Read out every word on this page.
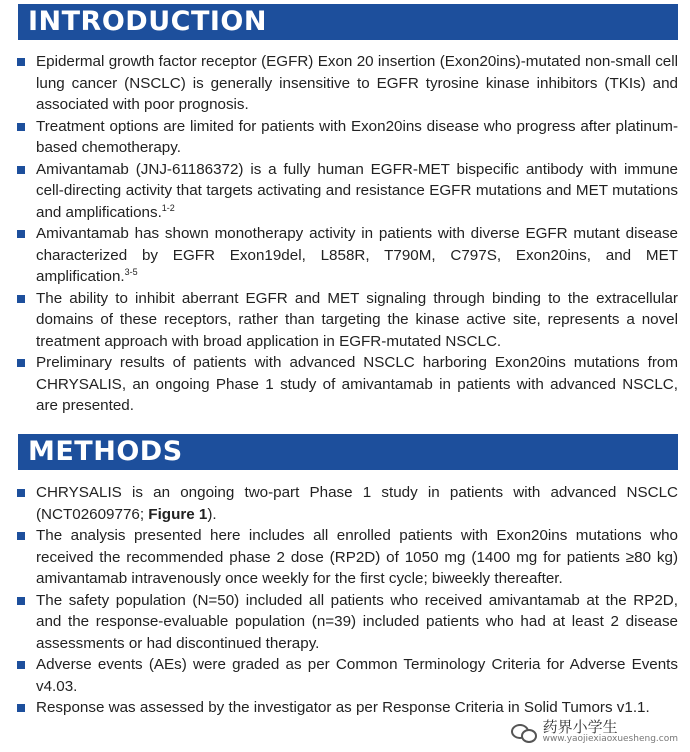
INTRODUCTION
Epidermal growth factor receptor (EGFR) Exon 20 insertion (Exon20ins)-mutated non-small cell lung cancer (NSCLC) is generally insensitive to EGFR tyrosine kinase inhibitors (TKIs) and associated with poor prognosis.
Treatment options are limited for patients with Exon20ins disease who progress after platinum-based chemotherapy.
Amivantamab (JNJ-61186372) is a fully human EGFR-MET bispecific antibody with immune cell-directing activity that targets activating and resistance EGFR mutations and MET mutations and amplifications.$^{1-2}$
Amivantamab has shown monotherapy activity in patients with diverse EGFR mutant disease characterized by EGFR Exon19del, L858R, T790M, C797S, Exon20ins, and MET amplification.$^{3-5}$
The ability to inhibit aberrant EGFR and MET signaling through binding to the extracellular domains of these receptors, rather than targeting the kinase active site, represents a novel treatment approach with broad application in EGFR-mutated NSCLC.
Preliminary results of patients with advanced NSCLC harboring Exon20ins mutations from CHRYSALIS, an ongoing Phase 1 study of amivantamab in patients with advanced NSCLC, are presented.
METHODS
CHRYSALIS is an ongoing two-part Phase 1 study in patients with advanced NSCLC (NCT02609776; Figure 1).
The analysis presented here includes all enrolled patients with Exon20ins mutations who received the recommended phase 2 dose (RP2D) of 1050 mg (1400 mg for patients ≥80 kg) amivantamab intravenously once weekly for the first cycle; biweekly thereafter.
The safety population (N=50) included all patients who received amivantamab at the RP2D, and the response-evaluable population (n=39) included patients who had at least 2 disease assessments or had discontinued therapy.
Adverse events (AEs) were graded as per Common Terminology Criteria for Adverse Events v4.03.
Response was assessed by the investigator as per Response Criteria in Solid Tumors v1.1.
药界小学生
www.yaojiexiaoxuesheng.com
